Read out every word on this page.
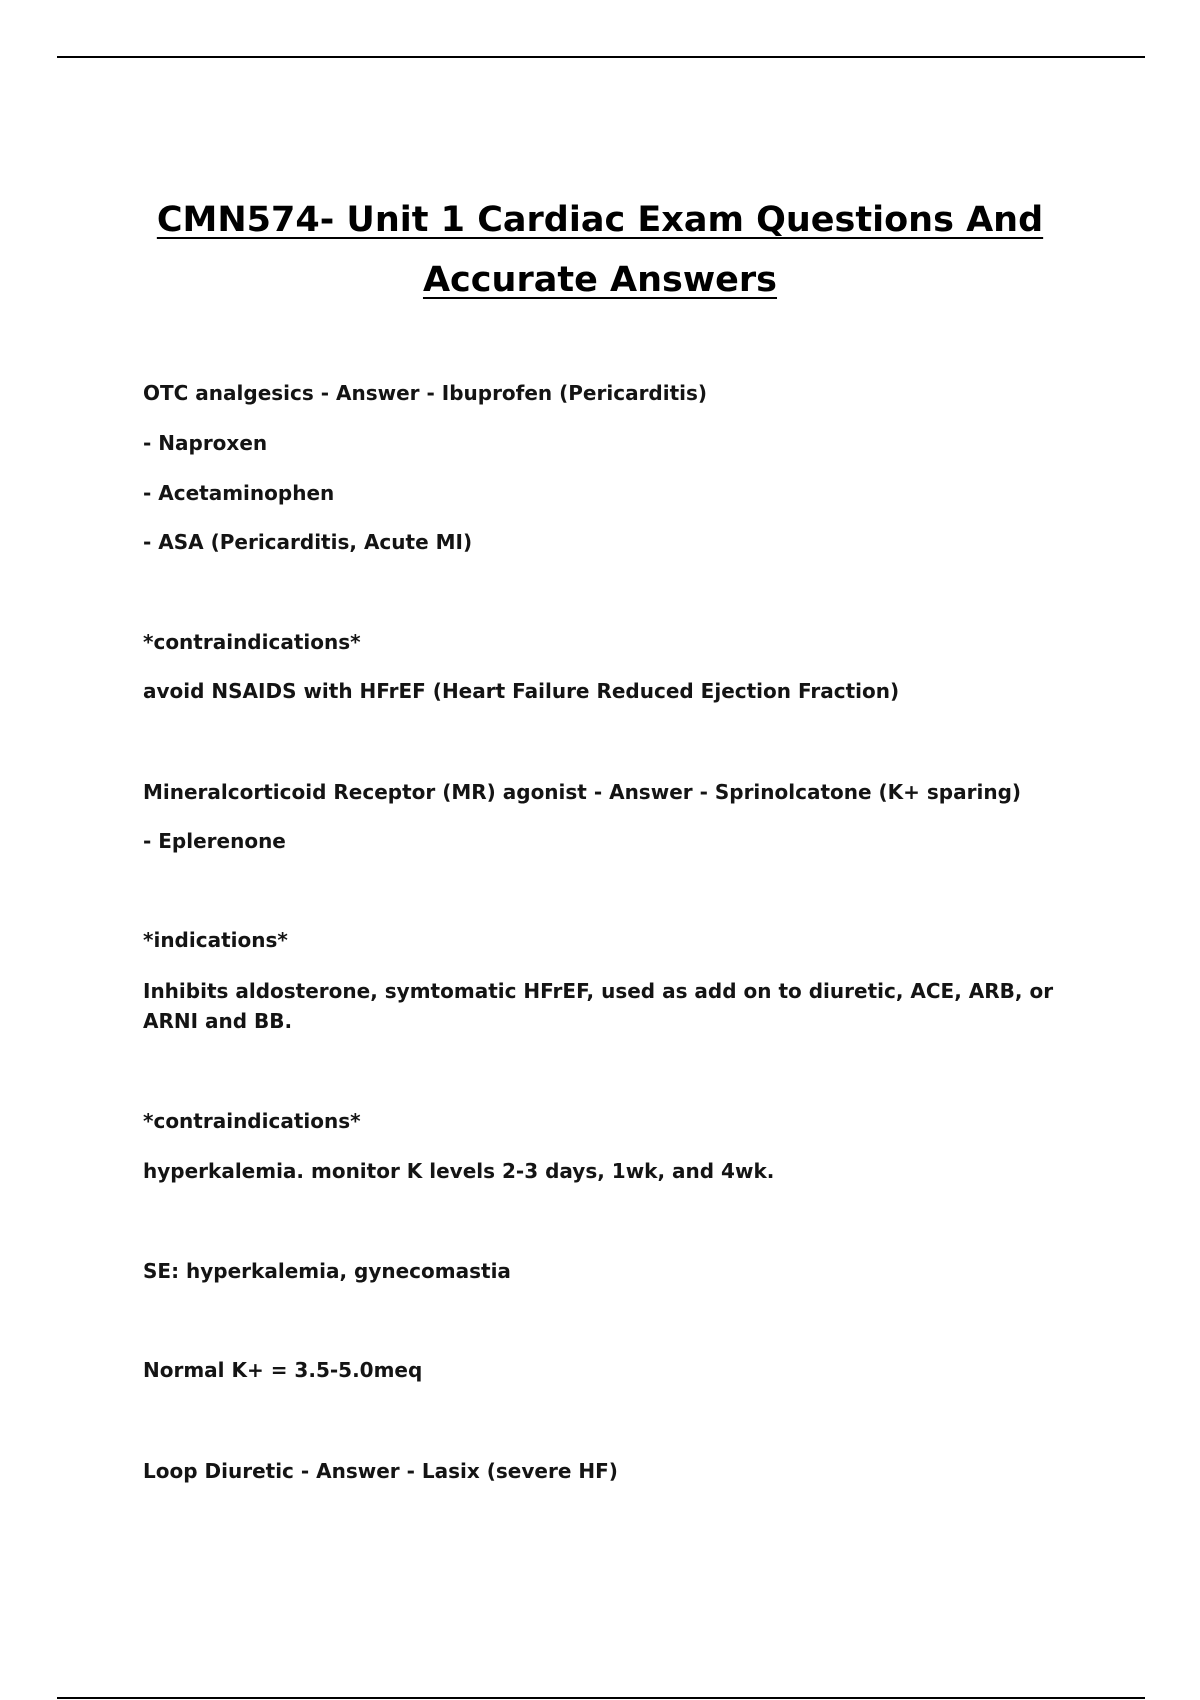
CMN574- Unit 1 Cardiac Exam Questions And
Accurate Answers

OTC analgesics - Answer - Ibuprofen (Pericarditis)

- Naproxen

- Acetaminophen

- ASA (Pericarditis, Acute MI)

*contraindications*

avoid NSAIDS with HFrEF (Heart Failure Reduced Ejection Fraction)

Mineralcorticoid Receptor (MR) agonist - Answer - Sprinolcatone (K+ sparing)

- Eplerenone

*indications*

Inhibits aldosterone, symtomatic HFrEF, used as add on to diuretic, ACE, ARB, or ARNI and BB.

*contraindications*

hyperkalemia. monitor K levels 2-3 days, 1wk, and 4wk.

SE: hyperkalemia, gynecomastia

Normal K+ = 3.5-5.0meq

Loop Diuretic - Answer - Lasix (severe HF)
